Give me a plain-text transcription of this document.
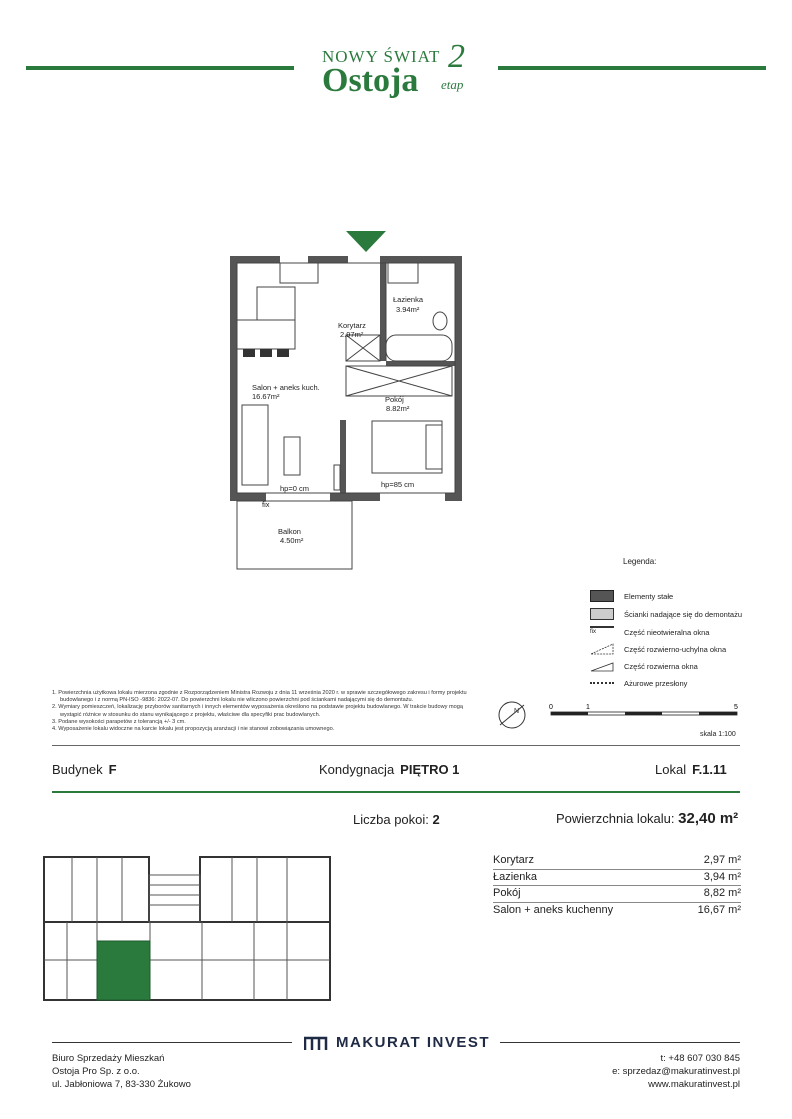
NOWY ŚWIAT
Ostoja
2
etap
Łazienka
3.94m²
Korytarz
2.97m²
Salon + aneks kuch.
16.67m²	Pokój
8.82m²
Balkon
4.50m²
hp=0 cm	hp=85 cm
fix
Legenda:
Elementy stałe
Ścianki nadające się do demontażu
fix	Część nieotwieralna okna
Część rozwierno-uchylna okna
Część rozwierna okna
Ażurowe przesłony
N
0	1	5
skala 1:100
1. Powierzchnia użytkowa lokalu mierzona zgodnie z Rozporządzeniem Ministra Rozwoju z dnia 11 września 2020 r. w sprawie szczegółowego zakresu i formy projektu budowlanego i z normą PN-ISO -9836: 2022-07. Do powierzchni lokalu nie wliczono powierzchni pod ściankami nadającymi się do demontażu.
2. Wymiary pomieszczeń, lokalizację przyborów sanitarnych i innych elementów wyposażenia określono na podstawie projektu budowlanego. W trakcie budowy mogą wystąpić różnice w stosunku do stanu wynikającego z projektu, właściwe dla specyfiki prac budowlanych.
3. Podane wysokości parapetów z tolerancją +/- 3 cm.
4. Wyposażenie lokalu widoczne na karcie lokalu jest propozycją aranżacji i nie stanowi zobowiązania umownego.
Budynek F	Kondygnacja PIĘTRO 1	Lokal F.1.11
Liczba pokoi: 2	Powierzchnia lokalu: 32,40 m²
Korytarz	2,97 m²
Łazienka	3,94 m²
Pokój	8,82 m²
Salon + aneks kuchenny	16,67 m²
MAKURAT INVEST
Biuro Sprzedaży Mieszkań
Ostoja Pro Sp. z o.o.
ul. Jabłoniowa 7, 83-330 Żukowo
t: +48 607 030 845
e: sprzedaz@makuratinvest.pl
www.makuratinvest.pl
